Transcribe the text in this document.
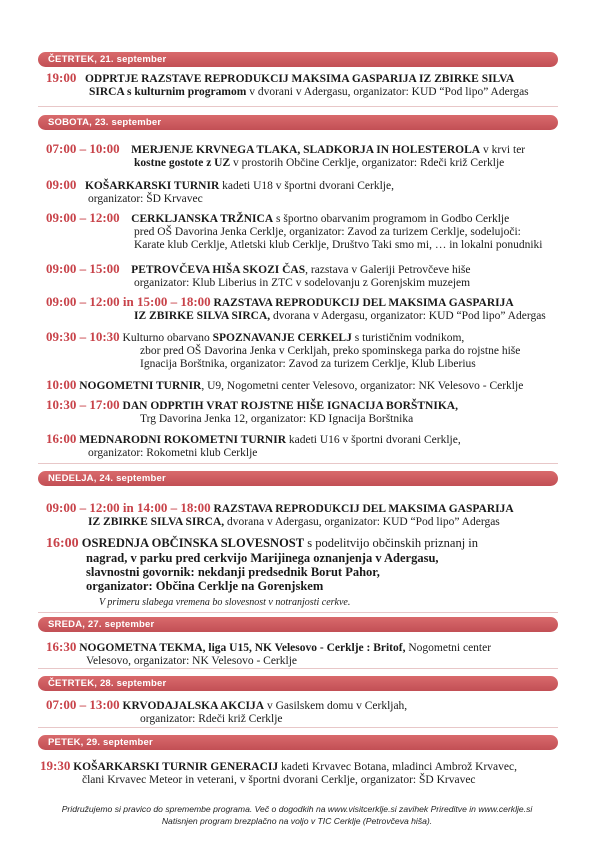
ČETRTEK, 21. september
SOBOTA, 23. september
NEDELJA, 24. september
SREDA, 27. september
ČETRTEK, 28. september
PETEK, 29. september
19:00 ODPRTJE RAZSTAVE REPRODUKCIJ MAKSIMA GASPARIJA IZ ZBIRKE SILVA
SIRCA s kulturnim programom v dvorani v Adergasu, organizator: KUD “Pod lipo” Adergas
07:00 – 10:00 MERJENJE KRVNEGA TLAKA, SLADKORJA IN HOLESTEROLA v krvi ter
kostne gostote z UZ v prostorih Občine Cerklje, organizator: Rdeči križ Cerklje
09:00 KOŠARKARSKI TURNIR kadeti U18 v športni dvorani Cerklje,
organizator: ŠD Krvavec
09:00 – 12:00 CERKLJANSKA TRŽNICA s športno obarvanim programom in Godbo Cerklje
pred OŠ Davorina Jenka Cerklje, organizator: Zavod za turizem Cerklje, sodelujoči:
Karate klub Cerklje, Atletski klub Cerklje, Društvo Taki smo mi, … in lokalni ponudniki
09:00 – 15:00 PETROVČEVA HIŠA SKOZI ČAS, razstava v Galeriji Petrovčeve hiše
organizator: Klub Liberius in ZTC v sodelovanju z Gorenjskim muzejem
09:00 – 12:00 in 15:00 – 18:00 RAZSTAVA REPRODUKCIJ DEL MAKSIMA GASPARIJA
IZ ZBIRKE SILVA SIRCA, dvorana v Adergasu, organizator: KUD “Pod lipo” Adergas
09:30 – 10:30 Kulturno obarvano SPOZNAVANJE CERKELJ s turističnim vodnikom,
zbor pred OŠ Davorina Jenka v Cerkljah, preko spominskega parka do rojstne hiše
Ignacija Borštnika, organizator: Zavod za turizem Cerklje, Klub Liberius
10:00 NOGOMETNI TURNIR, U9, Nogometni center Velesovo, organizator: NK Velesovo - Cerklje
10:30 – 17:00 DAN ODPRTIH VRAT ROJSTNE HIŠE IGNACIJA BORŠTNIKA,
Trg Davorina Jenka 12, organizator: KD Ignacija Borštnika
16:00 MEDNARODNI ROKOMETNI TURNIR kadeti U16 v športni dvorani Cerklje,
organizator: Rokometni klub Cerklje
09:00 – 12:00 in 14:00 – 18:00 RAZSTAVA REPRODUKCIJ DEL MAKSIMA GASPARIJA
IZ ZBIRKE SILVA SIRCA, dvorana v Adergasu, organizator: KUD “Pod lipo” Adergas
16:00 OSREDNJA OBČINSKA SLOVESNOST s podelitvijo občinskih priznanj in
nagrad, v parku pred cerkvijo Marijinega oznanjenja v Adergasu,
slavnostni govornik: nekdanji predsednik Borut Pahor,
organizator: Občina Cerklje na Gorenjskem
V primeru slabega vremena bo slovesnost v notranjosti cerkve.
16:30 NOGOMETNA TEKMA, liga U15, NK Velesovo - Cerklje : Britof, Nogometni center
Velesovo, organizator: NK Velesovo - Cerklje
07:00 – 13:00 KRVODAJALSKA AKCIJA v Gasilskem domu v Cerkljah,
organizator: Rdeči križ Cerklje
19:30 KOŠARKARSKI TURNIR GENERACIJ kadeti Krvavec Botana, mladinci Ambrož Krvavec,
člani Krvavec Meteor in veterani, v športni dvorani Cerklje, organizator: ŠD Krvavec
Pridružujemo si pravico do spremembe programa. Več o dogodkih na www.visitcerklje.si zavihek Prireditve in www.cerklje.si
Natisnjen program brezplačno na voljo v TIC Cerklje (Petrovčeva hiša).
